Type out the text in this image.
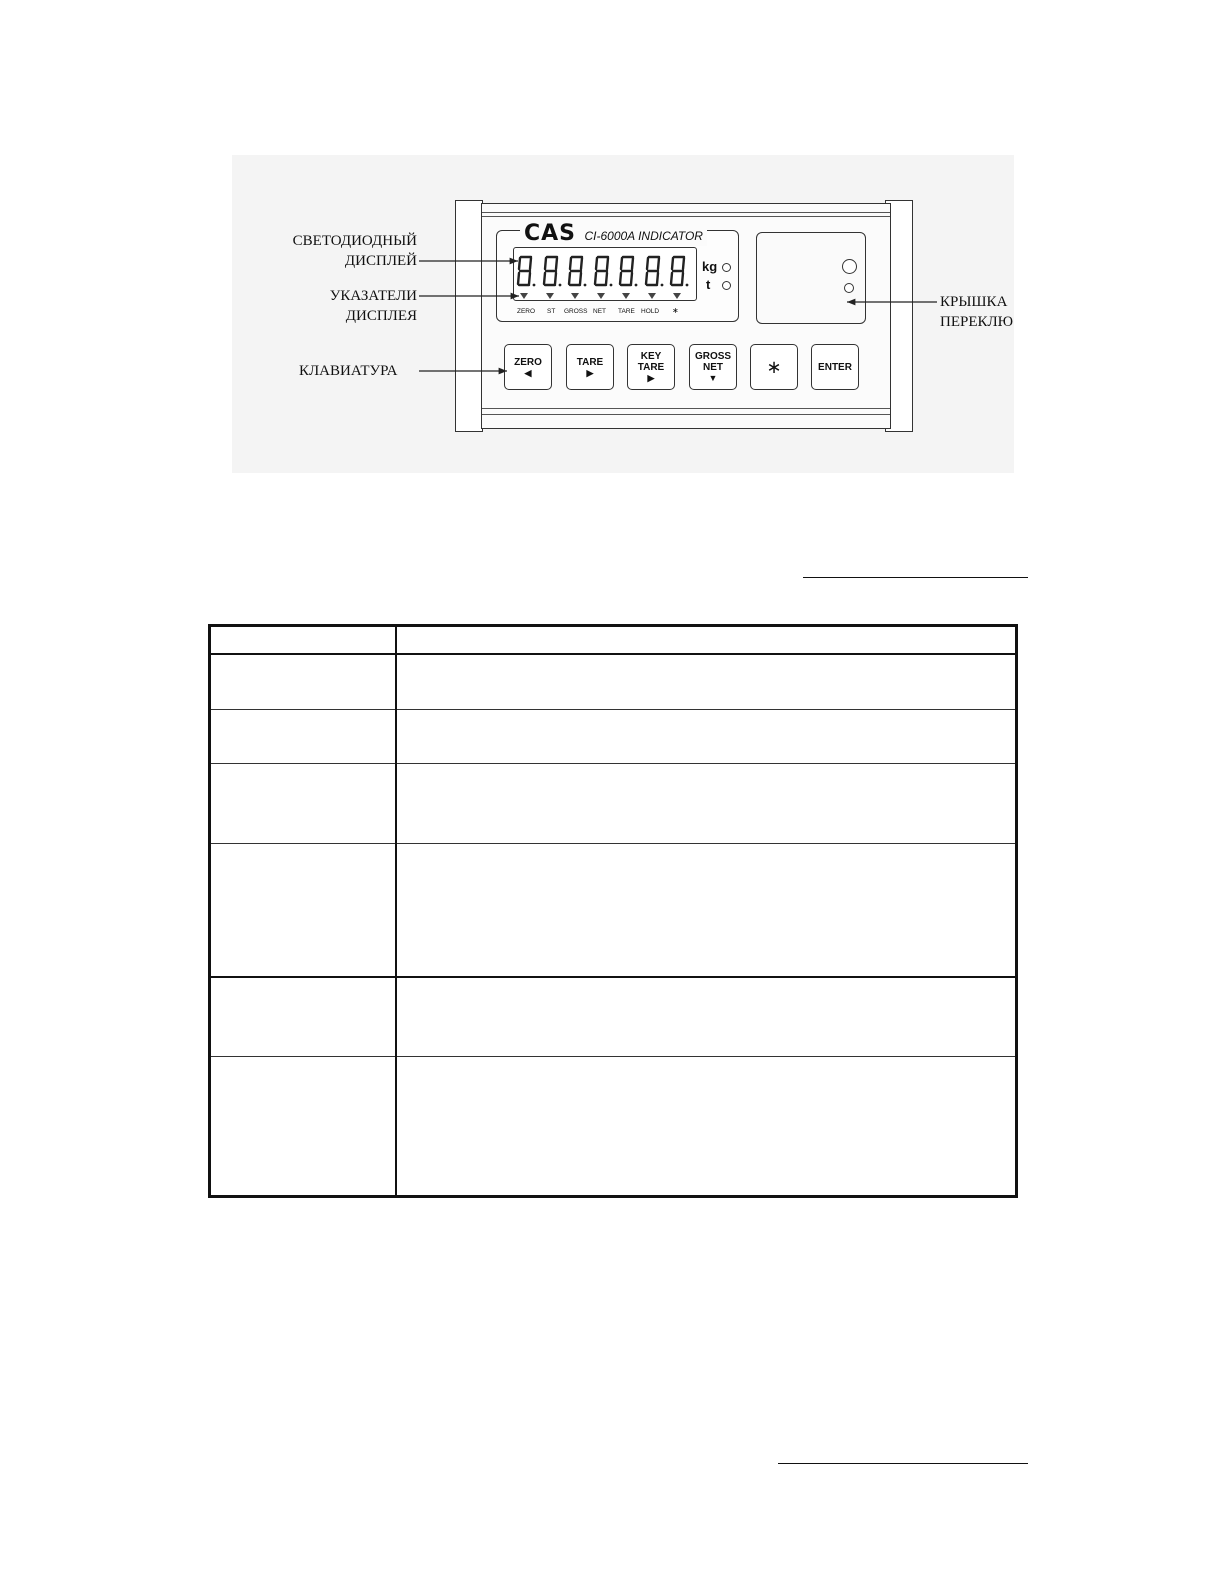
CAS CI-6000A INDICATOR
kg
t
ZERO ST GROSS NET TARE HOLD ∗
ZERO
◀
TARE
▶
KEY
TARE
▶
GROSS
NET
▼
∗	ENTER
СВЕТОДИОДНЫЙ
ДИСПЛЕЙ
УКАЗАТЕЛИ
ДИСПЛЕЯ
КЛАВИАТУРА
КРЫШКА
ПЕРЕКЛЮ
